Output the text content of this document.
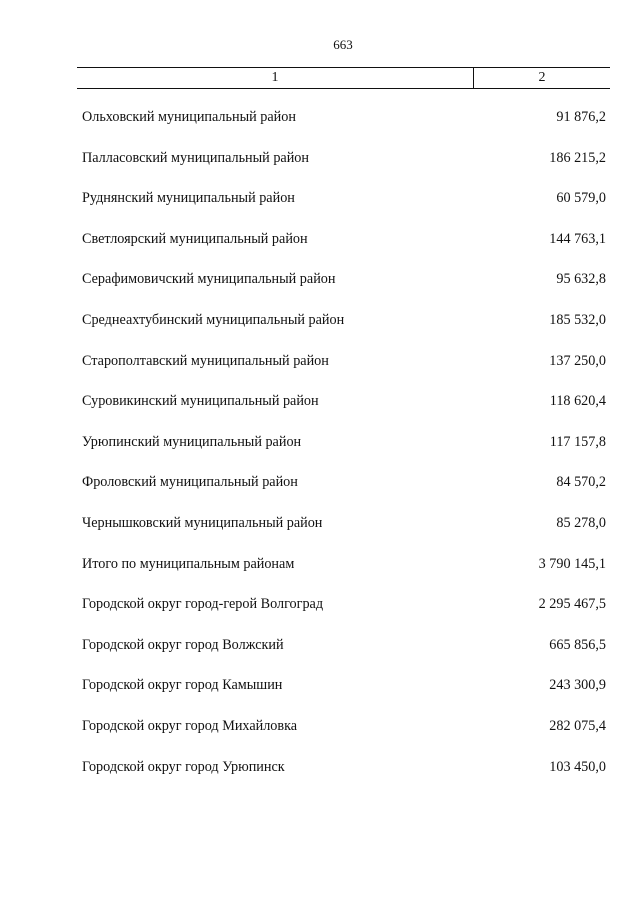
663
1	2
Ольховский муниципальный район	91 876,2
Палласовский муниципальный район	186 215,2
Руднянский муниципальный район	60 579,0
Светлоярский муниципальный район	144 763,1
Серафимовичский муниципальный район	95 632,8
Среднеахтубинский муниципальный район	185 532,0
Старополтавский муниципальный район	137 250,0
Суровикинский муниципальный район	118 620,4
Урюпинский муниципальный район	117 157,8
Фроловский муниципальный район	84 570,2
Чернышковский муниципальный район	85 278,0
Итого по муниципальным районам	3 790 145,1
Городской округ город-герой Волгоград	2 295 467,5
Городской округ город Волжский	665 856,5
Городской округ город Камышин	243 300,9
Городской округ город Михайловка	282 075,4
Городской округ город Урюпинск	103 450,0
